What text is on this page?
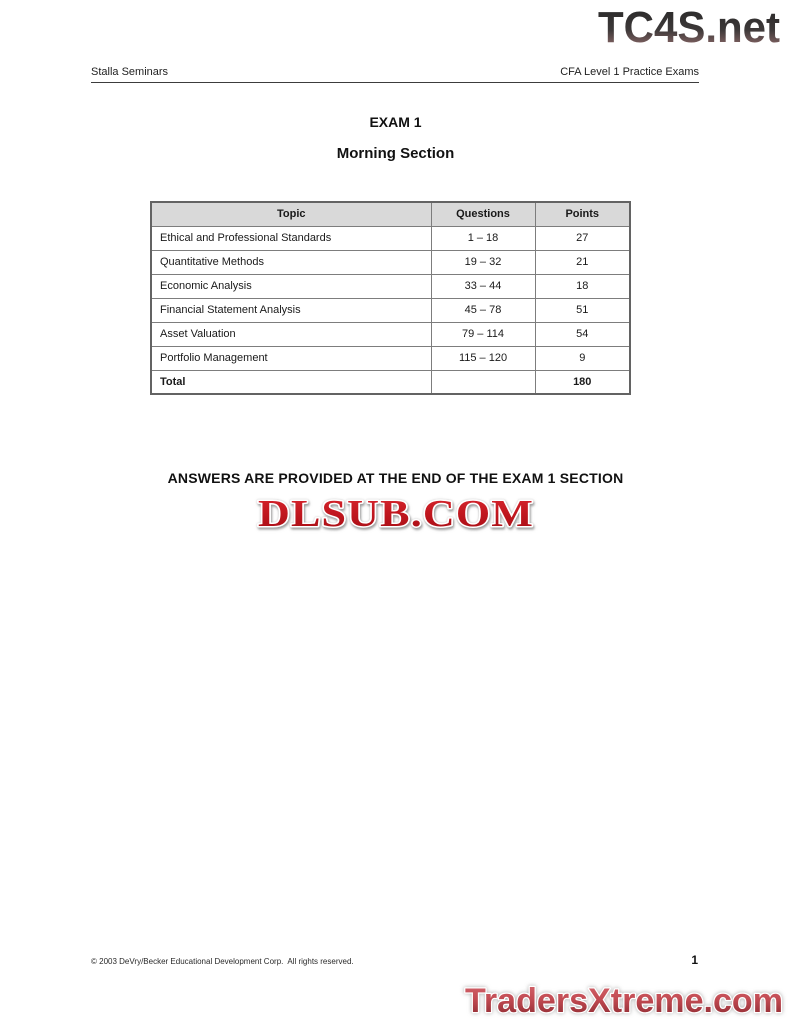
TC4S.net
Stalla Seminars	CFA Level 1 Practice Exams
EXAM 1
Morning Section
Topic	Questions	Points
Ethical and Professional Standards	1 – 18	27
Quantitative Methods	19 – 32	21
Economic Analysis	33 – 44	18
Financial Statement Analysis	45 – 78	51
Asset Valuation	79 – 114	54
Portfolio Management	115 – 120	9
Total		180
ANSWERS ARE PROVIDED AT THE END OF THE EXAM 1 SECTION
DLSUB.COM
© 2003 DeVry/Becker Educational Development Corp.  All rights reserved.	1
TradersXtreme.com
